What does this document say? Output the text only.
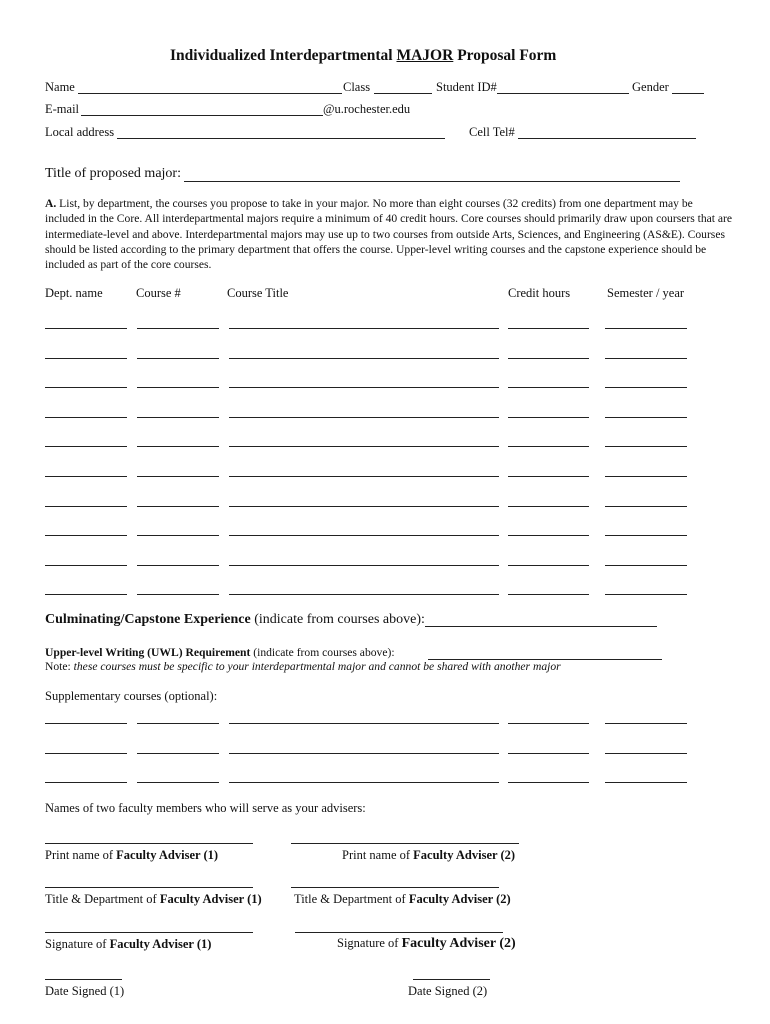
Individualized Interdepartmental MAJOR Proposal Form
Name	Class	Student ID#	Gender
E-mail	@u.rochester.edu
Local address	Cell Tel#
Title of proposed major:
A. List, by department, the courses you propose to take in your major. No more than eight courses (32 credits) from one department may be included in the Core. All interdepartmental majors require a minimum of 40 credit hours. Core courses should primarily draw upon coursers that are intermediate-level and above. Interdepartmental majors may use up to two courses from outside Arts, Sciences, and Engineering (AS&E). Courses should be listed according to the primary department that offers the course. Upper-level writing courses and the capstone experience should be included as part of the core courses.
Dept. name	Course #	Course Title	Credit hours	Semester / year
Culminating/Capstone Experience (indicate from courses above):
Upper-level Writing (UWL) Requirement (indicate from courses above):
Note: these courses must be specific to your interdepartmental major and cannot be shared with another major
Supplementary courses (optional):
Names of two faculty members who will serve as your advisers:
Print name of Faculty Adviser (1)	Print name of Faculty Adviser (2)
Title & Department of Faculty Adviser (1)	Title & Department of Faculty Adviser (2)
Signature of Faculty Adviser (1)	Signature of Faculty Adviser (2)
Date Signed (1)	Date Signed (2)
